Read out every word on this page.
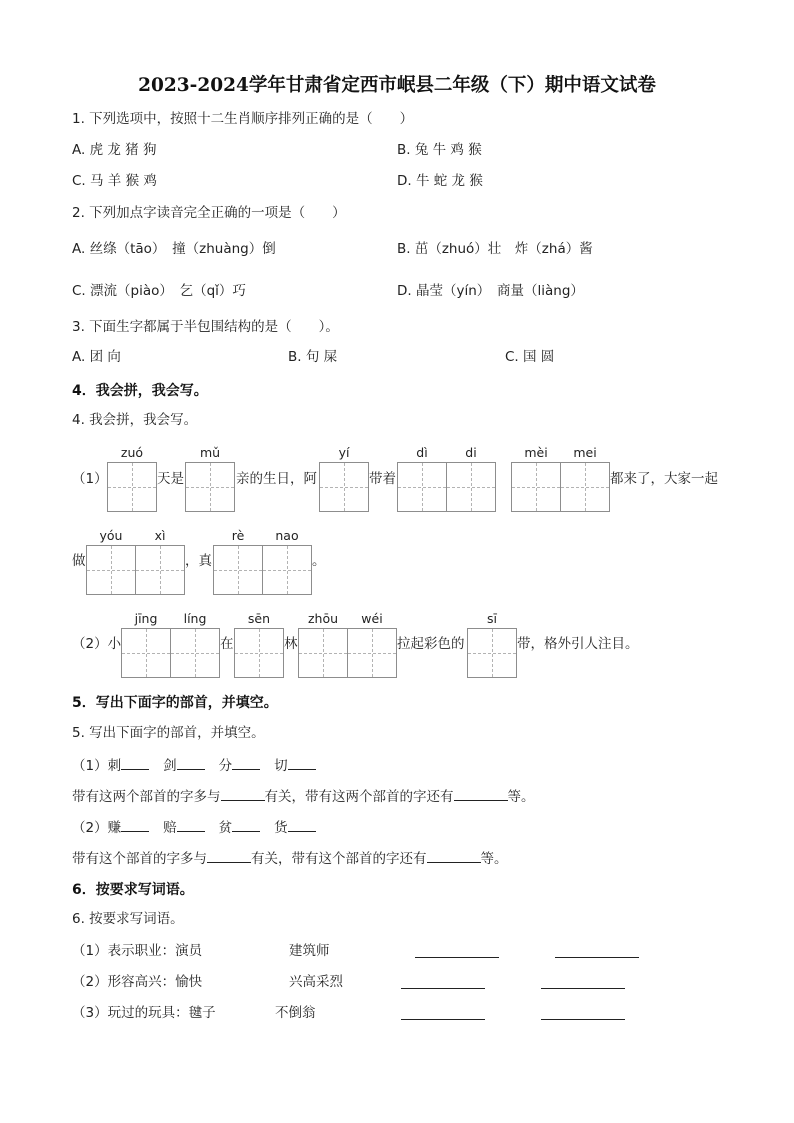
2023-2024学年甘肃省定西市岷县二年级（下）期中语文试卷
1. 下列选项中，按照十二生肖顺序排列正确的是（　　）
A. 虎 龙 猪 狗	B. 兔 牛 鸡 猴
C. 马 羊 猴 鸡	D. 牛 蛇 龙 猴
2. 下列加点字读音完全正确的一项是（　　）
A. 丝绦（tāo）　撞（zhuàng）倒	B. 茁（zhuó）壮　炸（zhá）酱
C. 漂流（piào）　乞（qǐ）巧	D. 晶莹（yín）　商量（liàng）
3. 下面生字都属于半包围结构的是（　　）。
A. 团 向	B. 句 屎	C. 国 圆
4．我会拼，我会写。
4. 我会拼，我会写。
zuó	mǔ	yí	dì	di	mèi	mei
（1）	天是	亲的生日，阿	带着	都来了，大家一起
yóu	xì	rè	nao
做	，真	。
jīng	líng	sēn	zhōu	wéi	sī
（2）小	在	林	拉起彩色的	带，格外引人注目。
5．写出下面字的部首，并填空。
5. 写出下面字的部首，并填空。
（1）刺	剑	分	切
带有这两个部首的字多与	有关，带有这两个部首的字还有	等。
（2）赚	赔	贫	货
带有这个部首的字多与	有关，带有这个部首的字还有	等。
6．按要求写词语。
6. 按要求写词语。
（1）表示职业：演员	建筑师
（2）形容高兴：愉快	兴高采烈
（3）玩过的玩具：毽子	不倒翁
